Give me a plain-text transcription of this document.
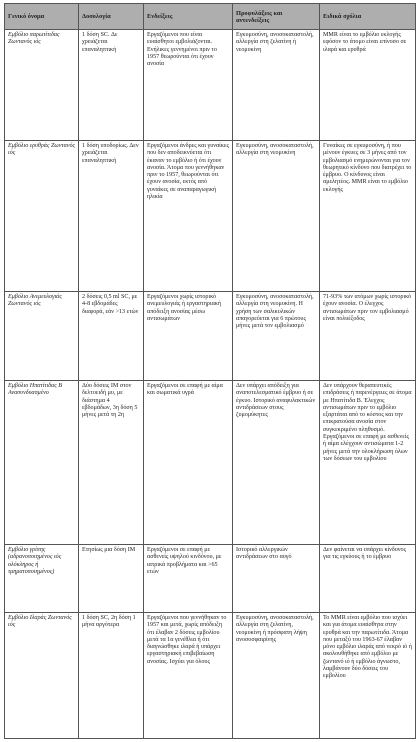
Γενικό όνομα	Δοσολογία	Ενδείξεις	Προφυλάξεις και αντενδείξεις	Ειδικά σχόλια
Εμβόλιο παρωτίτιδας Ζωντανός ιός	1 δόση SC. Δε χρειάζεται επαναληπτική	Εργαζόμενοι που είναι ευαίσθητοι εμβολιάζονται. Ενήλικες γεννημένοι πριν το 1957 θεωρούνται ότι έχουν ανοσία	Εγκυμοσύνη, ανοσοκαταστολή, αλλεργία στη ζελατίνη ή νεομυκίνη	MMR είναι το εμβόλιο εκλογής εφόσον το άτομο είναι επίνοσο σε ιλαρά και ερυθρά
Εμβόλιο ερυθράς Ζωντανός ιός	1 δόση υποδορίως. Δεν χρειάζεται επαναληπτική	Εργαζόμενοι άνδρες και γυναίκες που δεν αποδεικνύεται ότι έκαναν το εμβόλιο ή ότι έχουν ανοσία. Άτομα που γεννήθηκαν πριν το 1957, θεωρούνται ότι έχουν ανοσία, εκτός από γυναίκες σε αναπαραγωγική ηλικία	Εγκυμοσύνη, ανοσοκαταστολή, αλλεργία στη νεομυκίνη	Γυναίκες σε εγκυμοσύνη, ή που μένουν έγκυες σε 3 μήνες από τον εμβολιασμό ενημερώνονται για τον θεωρητικό κίνδυνο που διατρέχει το έμβρυο. Ο κίνδυνος είναι αμελητέος. MMR είναι το εμβόλιο εκλογής
Εμβόλιο Ανεμευλογιάς Ζωντανός ιός	2 δόσεις 0,5 ml SC, με 4-8 εβδομάδες διαφορά, εάν >13 ετών	Εργαζόμενοι χωρίς ιστορικό ανεμευλογιάς ή εργαστηριακή απόδειξη ανοσίας μέσω αντισωμάτων	Εγκυμοσύνη, ανοσοκαταστολή, αλλεργία στη νεομυκίνη. Η χρήση των σαλικυλικών απαγορεύεται για 6 πρώτους μήνες μετά τον εμβολιασμό	71-93% των ατόμων χωρίς ιστορικό έχουν ανοσία. Ο έλεγχος αντισωμάτων πριν τον εμβολιασμό είναι πολυέξοδος
Εμβόλιο Ηπατίτιδας Β Ανασυνδυασμένο	Δύο δόσεις IM στον δελτοειδή μυ, με διάστημα 4 εβδομάδων, 3η δόση 5 μήνες μετά τη 2η	Εργαζόμενοι σε επαφή με αίμα και σωματικά υγρά	Δεν υπάρχει απόδειξη για αναποτελεσματικό έμβρυο ή σε έγκυο. Ιστορικό αναφυλακτικών αντιδράσεων στους ζυμομύκητες	Δεν υπάρχουν θεραπευτικές επιδράσεις ή παρενέργειες σε άτομα με Ηπατίτιδα Β. Έλεγχος αντισωμάτων πριν το εμβόλιο εξαρτάται από το κόστος και την επικρατούσα ανοσία στον συγκεκριμένο πληθυσμό. Εργαζόμενοι σε επαφή με ασθενείς ή αίμα ελέγχουν αντισώματα 1-2 μήνες μετά την ολοκλήρωση όλων των δόσεων του εμβολίου
Εμβόλιο γρίπης (αδρανοποιημένος ιός ολόκληρος ή τμηματοποιημένος)	Ετησίως μια δόση IM	Εργαζόμενοι σε επαφή με ασθενείς υψηλού κινδύνου, με ιατρικά προβλήματα και >65 ετών	Ιστορικό αλλεργικών αντιδράσεων στο αυγό	Δεν φαίνεται να υπάρχει κίνδυνος για τις εγκύους ή το έμβρυο
Εμβόλιο Ιλαράς Ζωντανός ιός	1 δόση SC, 2η δόση 1 μήνα αργότερα	Εργαζόμενοι που γεννήθηκαν το 1957 και μετά, χωρίς απόδειξη ότι έλαβαν 2 δόσεις εμβολίου μετά τα 1α γενέθλια ή ότι διαγνώσθηκε ιλαρά ή υπάρχει εργαστηριακή επιβεβαίωση ανοσίας. Ισχύει για όλους	Εγκυμοσύνη, ανοσοκαταστολή, αλλεργία στη ζελατίνη, νεομυκίνη ή πρόσφατη λήψη ανοσοσφαιρίνης	Το MMR είναι εμβόλιο που ισχύει και για άτομα ευαίσθητα στην ερυθρά και την παρωτίτιδα. Άτομα που μεταξύ του 1963-67 έλαβαν μόνο εμβόλιο ιλαράς από νεκρό ιό ή ακολουθήθηκε από εμβόλιο με ζωντανό ιό ή εμβόλιο άγνωστο, λαμβάνουν δύο δόσεις του εμβολίου
